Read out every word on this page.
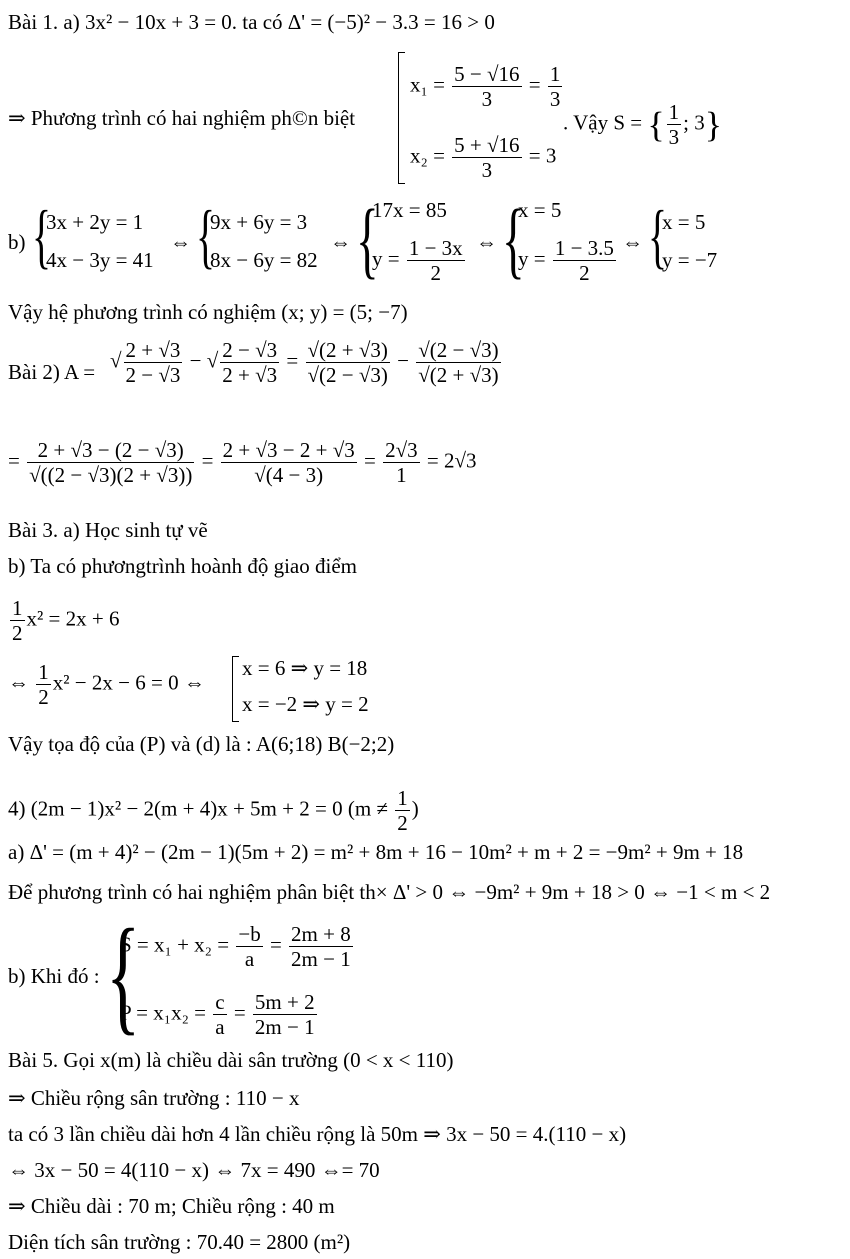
Bài 1. a) 3x² − 10x + 3 = 0. ta có Δ' = (−5)² − 3.3 = 16 > 0
⇒ Phương trình có hai nghiệm ph©n biệt
$x_1 = \frac{5 - √16}{3} = \frac{1}{3}$
$x_2 = \frac{5 + √16}{3} = 3$
. Vậy S = { $\frac{1}{3}$ ; 3}
b) {
3x + 2y = 1
4x − 3y = 41
⇔ {
9x + 6y = 3
8x − 6y = 82
⇔ {
17x = 85
$y = \frac{1 - 3x}{2}$ ⇔ {
x = 5
$y = \frac{1 - 3.5}{2}$ ⇔ {
x = 5
y = −7
Vậy hệ phương trình có nghiệm (x; y) = (5; −7)
Bài 2) A = √ $\frac{2 + √3}{2 - √3}$ − √ $\frac{2 - √3}{2 + √3} = \frac{√(2 + √3)}{√(2 - √3)} - \frac{√(2 - √3)}{√(2 + √3)}$
= $\frac{2 + √3 - (2 - √3)}{√((2 - √3)(2 + √3))} = \frac{2 + √3 - 2 + √3}{√(4 - 3)} = \frac{2√3}{1} = 2√3$
Bài 3. a) Học sinh tự vẽ
b) Ta có phươngtrình hoành độ giao điểm
$\frac{1}{2} x^2 = 2x + 6$
⇔ $\frac{1}{2} x^2 - 2x - 6 = 0$ ⇔
x = 6 ⇒ y = 18
x = −2 ⇒ y = 2
Vậy tọa độ của (P) và (d) là : A(6;18) B(−2;2)
4) (2m − 1)x² − 2(m + 4)x + 5m + 2 = 0 ($m \ne \frac{1}{2}$ )
a) Δ' = (m + 4)² − (2m − 1)(5m + 2) = m² + 8m + 16 − 10m² + m + 2 = −9m² + 9m + 18
Để phương trình có hai nghiệm phân biệt th× Δ' > 0 ⇔ −9m² + 9m + 18 > 0 ⇔ −1 < m < 2
b) Khi đó : {
$S = x_1 + x_2 = \frac{-b}{a} = \frac{2m + 8}{2m - 1}$
$P = x_1x_2 = \frac{c}{a} = \frac{5m + 2}{2m - 1}$
Bài 5. Gọi x(m) là chiều dài sân trường (0 < x < 110)
⇒ Chiều rộng sân trường : 110 − x
ta có 3 lần chiều dài hơn 4 lần chiều rộng là 50m ⇒ 3x − 50 = 4.(110 − x)
⇔ 3x − 50 = 4(110 − x) ⇔ 7x = 490 ⇔= 70
⇒ Chiều dài : 70 m; Chiều rộng : 40 m
Diện tích sân trường : 70.40 = 2800 (m²)
